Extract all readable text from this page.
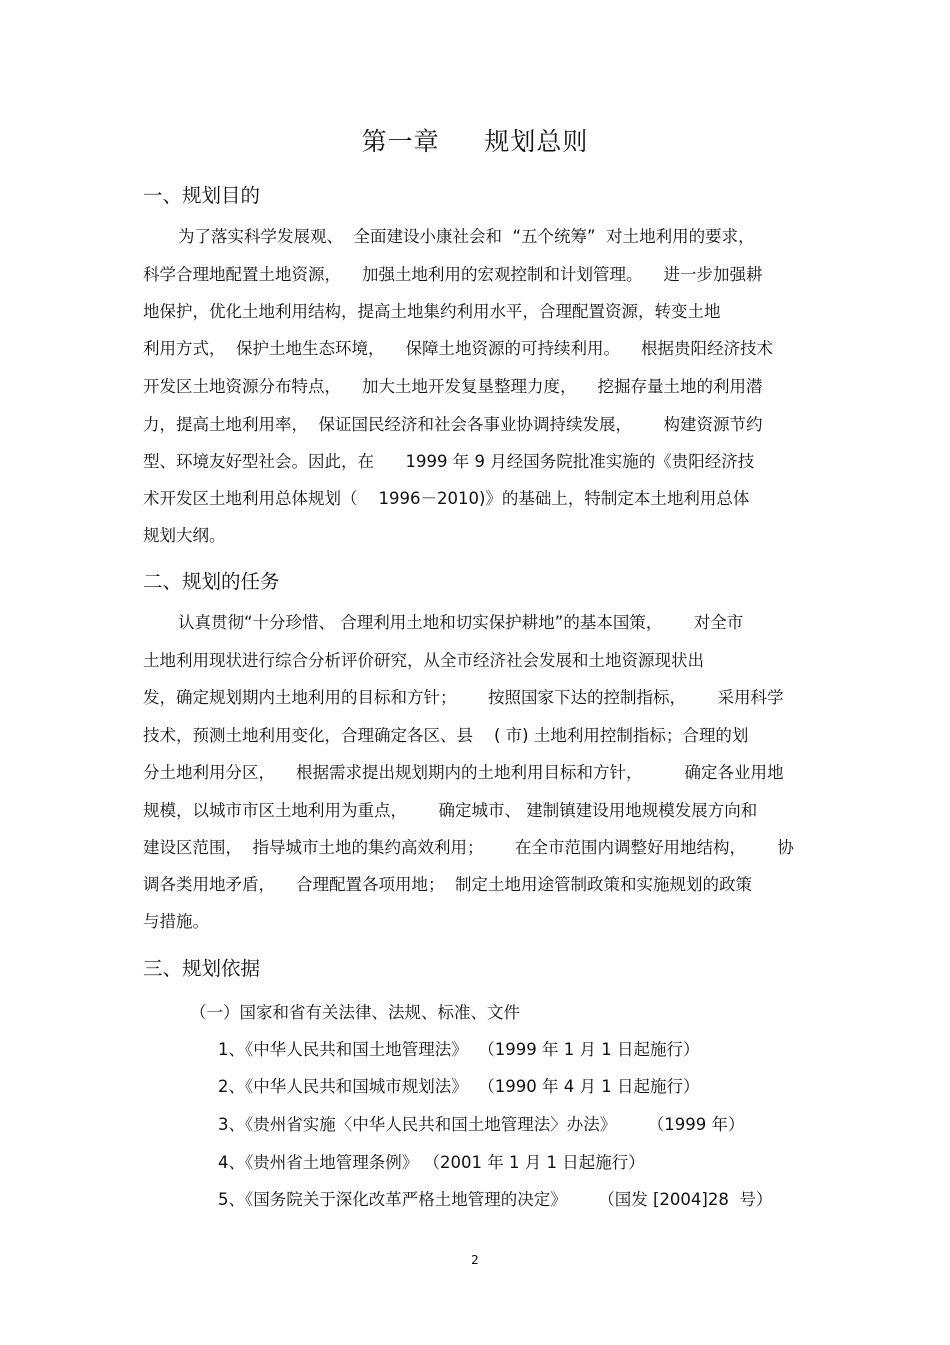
第一章     规划总则
一、规划目的
为了落实科学发展观、  全面建设小康社会和  “五个统筹”  对土地利用的要求，
科学合理地配置土地资源，    加强土地利用的宏观控制和计划管理。    进一步加强耕
地保护，优化土地利用结构，提高土地集约利用水平，合理配置资源，转变土地
利用方式，  保护土地生态环境，    保障土地资源的可持续利用。    根据贵阳经济技术
开发区土地资源分布特点，    加大土地开发复垦整理力度，    挖掘存量土地的利用潜
力，提高土地利用率，  保证国民经济和社会各事业协调持续发展，      构建资源节约
型、环境友好型社会。因此，在      1999 年 9 月经国务院批准实施的《贵阳经济技
术开发区土地利用总体规划（    1996－2010)》的基础上，特制定本土地利用总体
规划大纲。
二、规划的任务
认真贯彻“十分珍惜、 合理利用土地和切实保护耕地”的基本国策，      对全市
土地利用现状进行综合分析评价研究，从全市经济社会发展和土地资源现状出
发，确定规划期内土地利用的目标和方针；      按照国家下达的控制指标，      采用科学
技术，预测土地利用变化，合理确定各区、县    ( 市) 土地利用控制指标；合理的划
分土地利用分区，    根据需求提出规划期内的土地利用目标和方针，        确定各业用地
规模，以城市市区土地利用为重点，      确定城市、 建制镇建设用地规模发展方向和
建设区范围，  指导城市土地的集约高效利用；      在全市范围内调整好用地结构，      协
调各类用地矛盾，    合理配置各项用地；  制定土地用途管制政策和实施规划的政策
与措施。
三、规划依据
（一）国家和省有关法律、法规、标准、文件
1、《中华人民共和国土地管理法》  （1999 年 1 月 1 日起施行）
2、《中华人民共和国城市规划法》  （1990 年 4 月 1 日起施行）
3、《贵州省实施〈中华人民共和国土地管理法〉办法》      （1999 年）
4、《贵州省土地管理条例》 （2001 年 1 月 1 日起施行）
5、《国务院关于深化改革严格土地管理的决定》      （国发 [2004]28  号）
2
